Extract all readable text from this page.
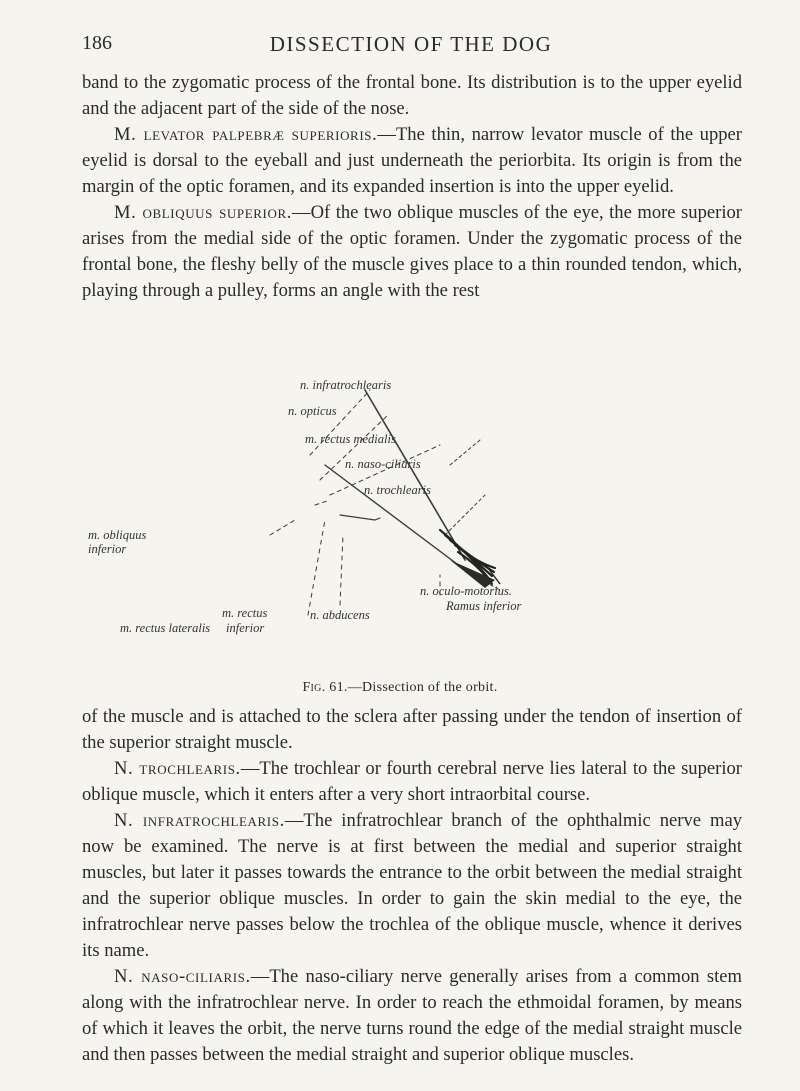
186	DISSECTION OF THE DOG

band to the zygomatic process of the frontal bone. Its distribution is to the upper eyelid and the adjacent part of the side of the nose.

M. levator palpebræ superioris.—The thin, narrow levator muscle of the upper eyelid is dorsal to the eyeball and just underneath the periorbita. Its origin is from the margin of the optic foramen, and its expanded insertion is into the upper eyelid.

M. obliquus superior.—Of the two oblique muscles of the eye, the more superior arises from the medial side of the optic foramen. Under the zygomatic process of the frontal bone, the fleshy belly of the muscle gives place to a thin rounded tendon, which, playing through a pulley, forms an angle with the rest

n. infratrochlearis
n. opticus
m. rectus medialis
n. naso-ciliaris
n. trochlearis
m. obliquus
inferior
n. oculo-motorius.
Ramus inferior
n. abducens
m. rectus
inferior
m. rectus lateralis
Fig. 61.—Dissection of the orbit.

of the muscle and is attached to the sclera after passing under the tendon of insertion of the superior straight muscle.

N. trochlearis.—The trochlear or fourth cerebral nerve lies lateral to the superior oblique muscle, which it enters after a very short intraorbital course.

N. infratrochlearis.—The infratrochlear branch of the ophthalmic nerve may now be examined. The nerve is at first between the medial and superior straight muscles, but later it passes towards the entrance to the orbit between the medial straight and the superior oblique muscles. In order to gain the skin medial to the eye, the infratrochlear nerve passes below the trochlea of the oblique muscle, whence it derives its name.

N. naso-ciliaris.—The naso-ciliary nerve generally arises from a common stem along with the infratrochlear nerve. In order to reach the ethmoidal foramen, by means of which it leaves the orbit, the nerve turns round the edge of the medial straight muscle and then passes between the medial straight and superior oblique muscles.
